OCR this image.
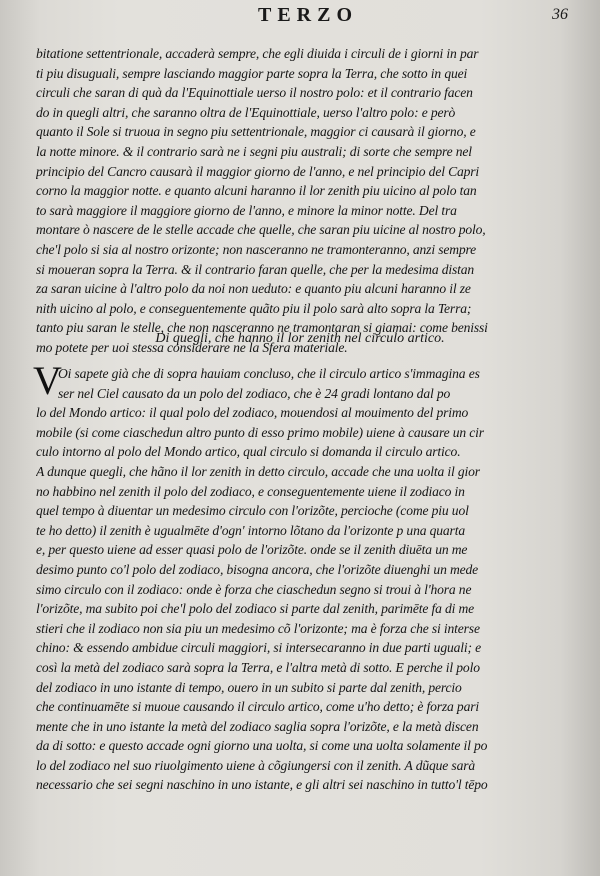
TERZO	36
bitatione settentrionale, accaderà sempre, che egli diuida i circuli de i giorni in par
ti piu disuguali, sempre lasciando maggior parte sopra la Terra, che sotto in quei
circuli che saran di quà da l'Equinottiale uerso il nostro polo: et il contrario facen
do in quegli altri, che saranno oltra de l'Equinottiale, uerso l'altro polo: e però
quanto il Sole si truoua in segno piu settentrionale, maggior ci causarà il giorno, e
la notte minore. & il contrario sarà ne i segni piu australi; di sorte che sempre nel
principio del Cancro causarà il maggior giorno de l'anno, e nel principio del Capri
corno la maggior notte. e quanto alcuni haranno il lor zenith piu uicino al polo tan
to sarà maggiore il maggiore giorno de l'anno, e minore la minor notte. Del tra
montare ò nascere de le stelle accade che quelle, che saran piu uicine al nostro polo,
che'l polo si sia al nostro orizonte; non nasceranno ne tramonteranno, anzi sempre
si moueran sopra la Terra. & il contrario faran quelle, che per la medesima distan
za saran uicine à l'altro polo da noi non ueduto: e quanto piu alcuni haranno il ze
nith uicino al polo, e conseguentemente quãto piu il polo sarà alto sopra la Terra;
tanto piu saran le stelle, che non nasceranno ne tramontaran si giamai: come benissi
mo potete per uoi stessa considerare ne la Sfera materiale.
Di quegli, che hanno il lor zenith nel circulo artico.
V
Oi sapete già che di sopra hauiam concluso, che il circulo artico s'immagina es
ser nel Ciel causato da un polo del zodiaco, che è 24 gradi lontano dal po
lo del Mondo artico: il qual polo del zodiaco, mouendosi al mouimento del primo
mobile (si come ciaschedun altro punto di esso primo mobile) uiene à causare un cir
culo intorno al polo del Mondo artico, qual circulo si domanda il circulo artico.
A dunque quegli, che hãno il lor zenith in detto circulo, accade che una uolta il gior
no habbino nel zenith il polo del zodiaco, e conseguentemente uiene il zodiaco in
quel tempo à diuentar un medesimo circulo con l'orizõte, percioche (come piu uol
te ho detto) il zenith è ugualmēte d'ogn' intorno lõtano da l'orizonte p una quarta
e, per questo uiene ad esser quasi polo de l'orizõte. onde se il zenith diuēta un me
desimo punto co'l polo del zodiaco, bisogna ancora, che l'orizõte diuenghi un mede
simo circulo con il zodiaco: onde è forza che ciaschedun segno si troui à l'hora ne
l'orizõte, ma subito poi che'l polo del zodiaco si parte dal zenith, parimēte fa di me
stieri che il zodiaco non sia piu un medesimo cõ l'orizonte; ma è forza che si interse
chino: & essendo ambidue circuli maggiori, si intersecaranno in due parti uguali; e
così la metà del zodiaco sarà sopra la Terra, e l'altra metà di sotto. E perche il polo
del zodiaco in uno istante di tempo, ouero in un subito si parte dal zenith, percio
che continuamēte si muoue causando il circulo artico, come u'ho detto; è forza pari
mente che in uno istante la metà del zodiaco saglia sopra l'orizõte, e la metà discen
da di sotto: e questo accade ogni giorno una uolta, si come una uolta solamente il po
lo del zodiaco nel suo riuolgimento uiene à cõgiungersi con il zenith. A dũque sarà
necessario che sei segni naschino in uno istante, e gli altri sei naschino in tutto'l tēpo
